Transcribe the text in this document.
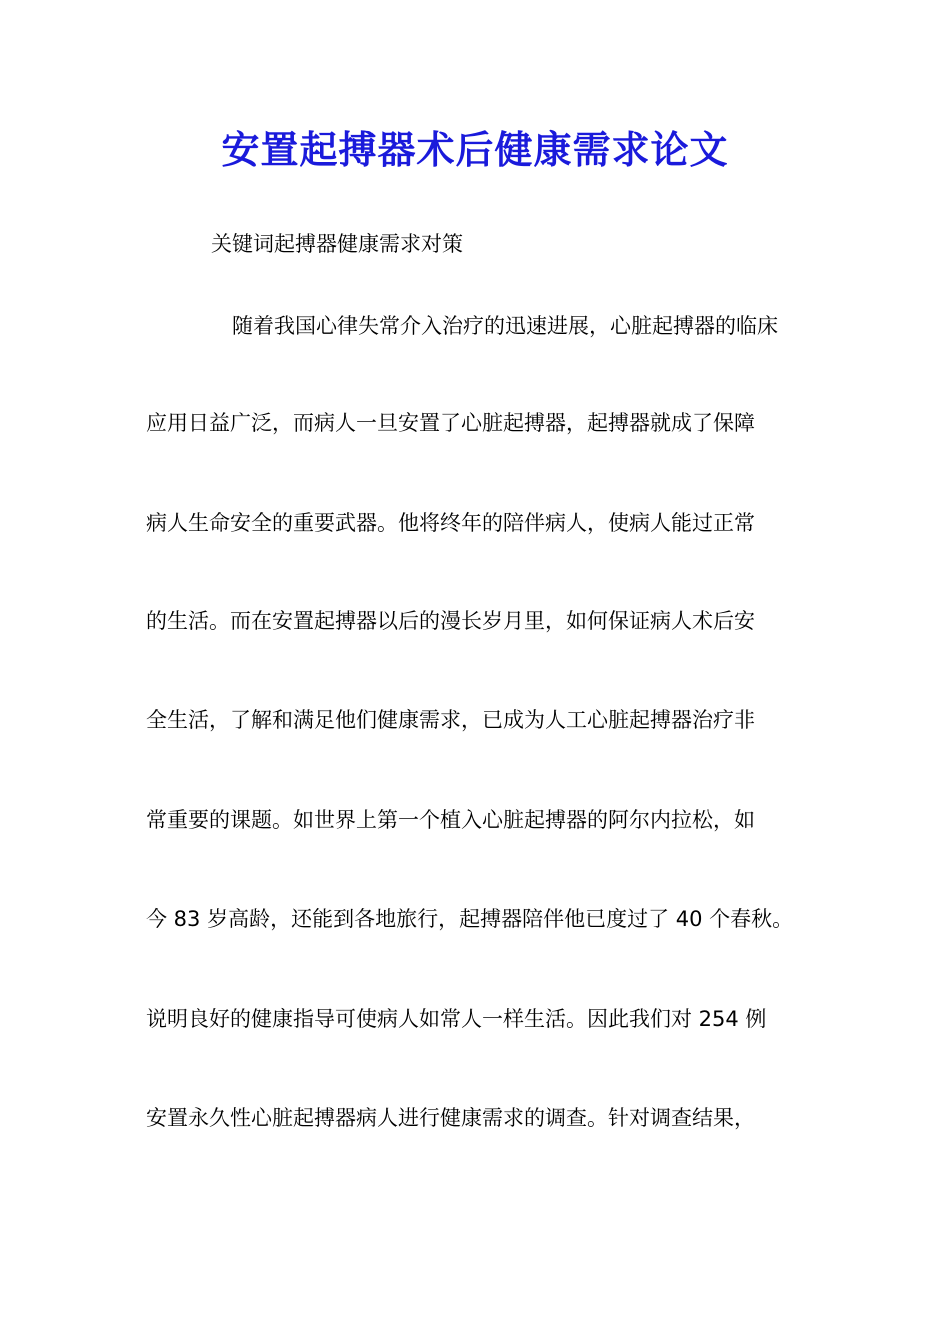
安置起搏器术后健康需求论文
关键词起搏器健康需求对策
　随着我国心律失常介入治疗的迅速进展，心脏起搏器的临床
应用日益广泛，而病人一旦安置了心脏起搏器，起搏器就成了保障
病人生命安全的重要武器。他将终年的陪伴病人，使病人能过正常
的生活。而在安置起搏器以后的漫长岁月里，如何保证病人术后安
全生活，了解和满足他们健康需求，已成为人工心脏起搏器治疗非
常重要的课题。如世界上第一个植入心脏起搏器的阿尔内拉松，如
今 83 岁高龄，还能到各地旅行，起搏器陪伴他已度过了 40 个春秋。
说明良好的健康指导可使病人如常人一样生活。因此我们对 254 例
安置永久性心脏起搏器病人进行健康需求的调查。针对调查结果，
